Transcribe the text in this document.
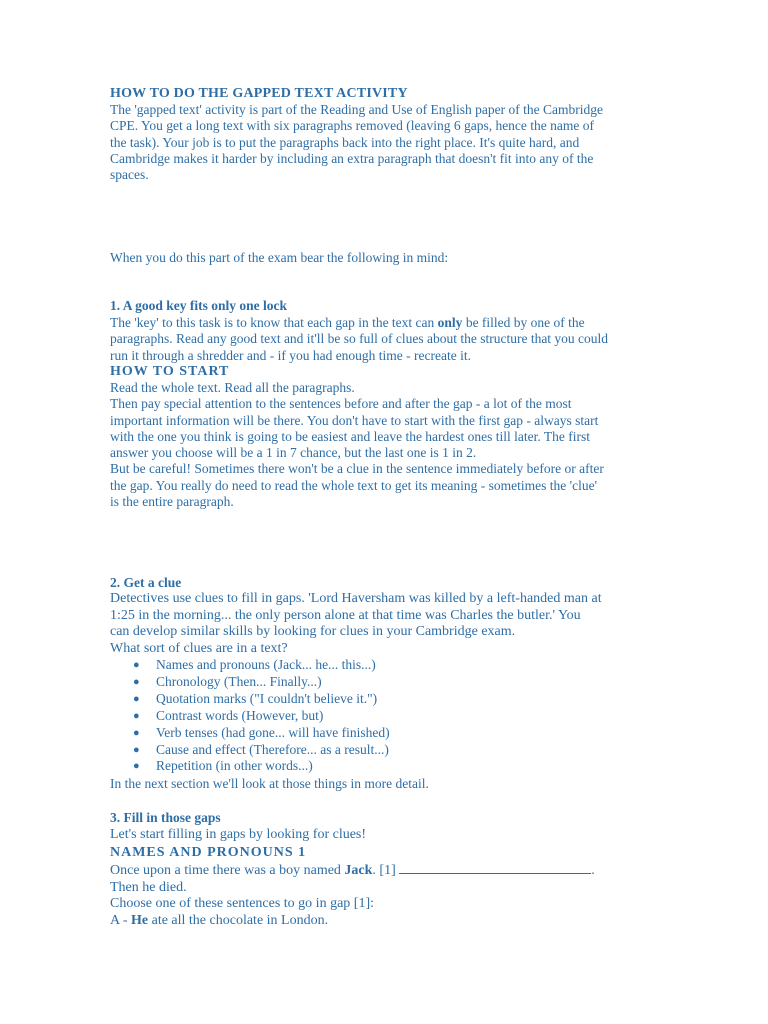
HOW TO DO THE GAPPED TEXT ACTIVITY
The 'gapped text' activity is part of the Reading and Use of English paper of the Cambridge
CPE. You get a long text with six paragraphs removed (leaving 6 gaps, hence the name of
the task). Your job is to put the paragraphs back into the right place. It's quite hard, and
Cambridge makes it harder by including an extra paragraph that doesn't fit into any of the
spaces.
When you do this part of the exam bear the following in mind:
1. A good key fits only one lock
The 'key' to this task is to know that each gap in the text can only be filled by one of the
paragraphs. Read any good text and it'll be so full of clues about the structure that you could
run it through a shredder and - if you had enough time - recreate it.
HOW TO START
Read the whole text. Read all the paragraphs.
Then pay special attention to the sentences before and after the gap - a lot of the most
important information will be there. You don't have to start with the first gap - always start
with the one you think is going to be easiest and leave the hardest ones till later. The first
answer you choose will be a 1 in 7 chance, but the last one is 1 in 2.
But be careful! Sometimes there won't be a clue in the sentence immediately before or after
the gap. You really do need to read the whole text to get its meaning - sometimes the 'clue'
is the entire paragraph.
2. Get a clue
Detectives use clues to fill in gaps. 'Lord Haversham was killed by a left-handed man at
1:25 in the morning... the only person alone at that time was Charles the butler.' You
can develop similar skills by looking for clues in your Cambridge exam.
What sort of clues are in a text?
● Names and pronouns (Jack... he... this...)
● Chronology (Then... Finally...)
● Quotation marks ("I couldn't believe it.")
● Contrast words (However, but)
● Verb tenses (had gone... will have finished)
● Cause and effect (Therefore... as a result...)
● Repetition (in other words...)
In the next section we'll look at those things in more detail.
3. Fill in those gaps
Let's start filling in gaps by looking for clues!
NAMES AND PRONOUNS 1
Once upon a time there was a boy named Jack. [1]	.
Then he died.
Choose one of these sentences to go in gap [1]:
A - He ate all the chocolate in London.
